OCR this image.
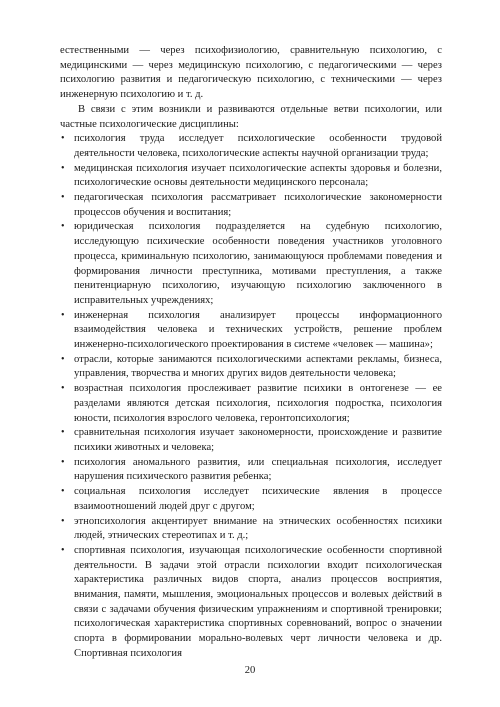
естественными — через психофизиологию, сравнительную психологию, с медицинскими — через медицинскую психологию, с педагогическими — через психологию развития и педагогическую психологию, с техническими — через инженерную психологию и т. д.

В связи с этим возникли и развиваются отдельные ветви психологии, или частные психологические дисциплины:

• психология труда исследует психологические особенности трудовой деятельности человека, психологические аспекты научной организации труда;
• медицинская психология изучает психологические аспекты здоровья и болезни, психологические основы деятельности медицинского персонала;
• педагогическая психология рассматривает психологические закономерности процессов обучения и воспитания;
• юридическая психология подразделяется на судебную психологию, исследующую психические особенности поведения участников уголовного процесса, криминальную психологию, занимающуюся проблемами поведения и формирования личности преступника, мотивами преступления, а также пенитенциарную психологию, изучающую психологию заключенного в исправительных учреждениях;
• инженерная психология анализирует процессы информационного взаимодействия человека и технических устройств, решение проблем инженерно-психологического проектирования в системе «человек — машина»;
• отрасли, которые занимаются психологическими аспектами рекламы, бизнеса, управления, творчества и многих других видов деятельности человека;
• возрастная психология прослеживает развитие психики в онтогенезе — ее разделами являются детская психология, психология подростка, психология юности, психология взрослого человека, геронтопсихология;
• сравнительная психология изучает закономерности, происхождение и развитие психики животных и человека;
• психология аномального развития, или специальная психология, исследует нарушения психического развития ребенка;
• социальная психология исследует психические явления в процессе взаимоотношений людей друг с другом;
• этнопсихология акцентирует внимание на этнических особенностях психики людей, этнических стереотипах и т. д.;
• спортивная психология, изучающая психологические особенности спортивной деятельности. В задачи этой отрасли психологии входит психологическая характеристика различных видов спорта, анализ процессов восприятия, внимания, памяти, мышления, эмоциональных процессов и волевых действий в связи с задачами обучения физическим упражнениям и спортивной тренировки; психологическая характеристика спортивных соревнований, вопрос о значении спорта в формировании морально-волевых черт личности человека и др. Спортивная психология
20
